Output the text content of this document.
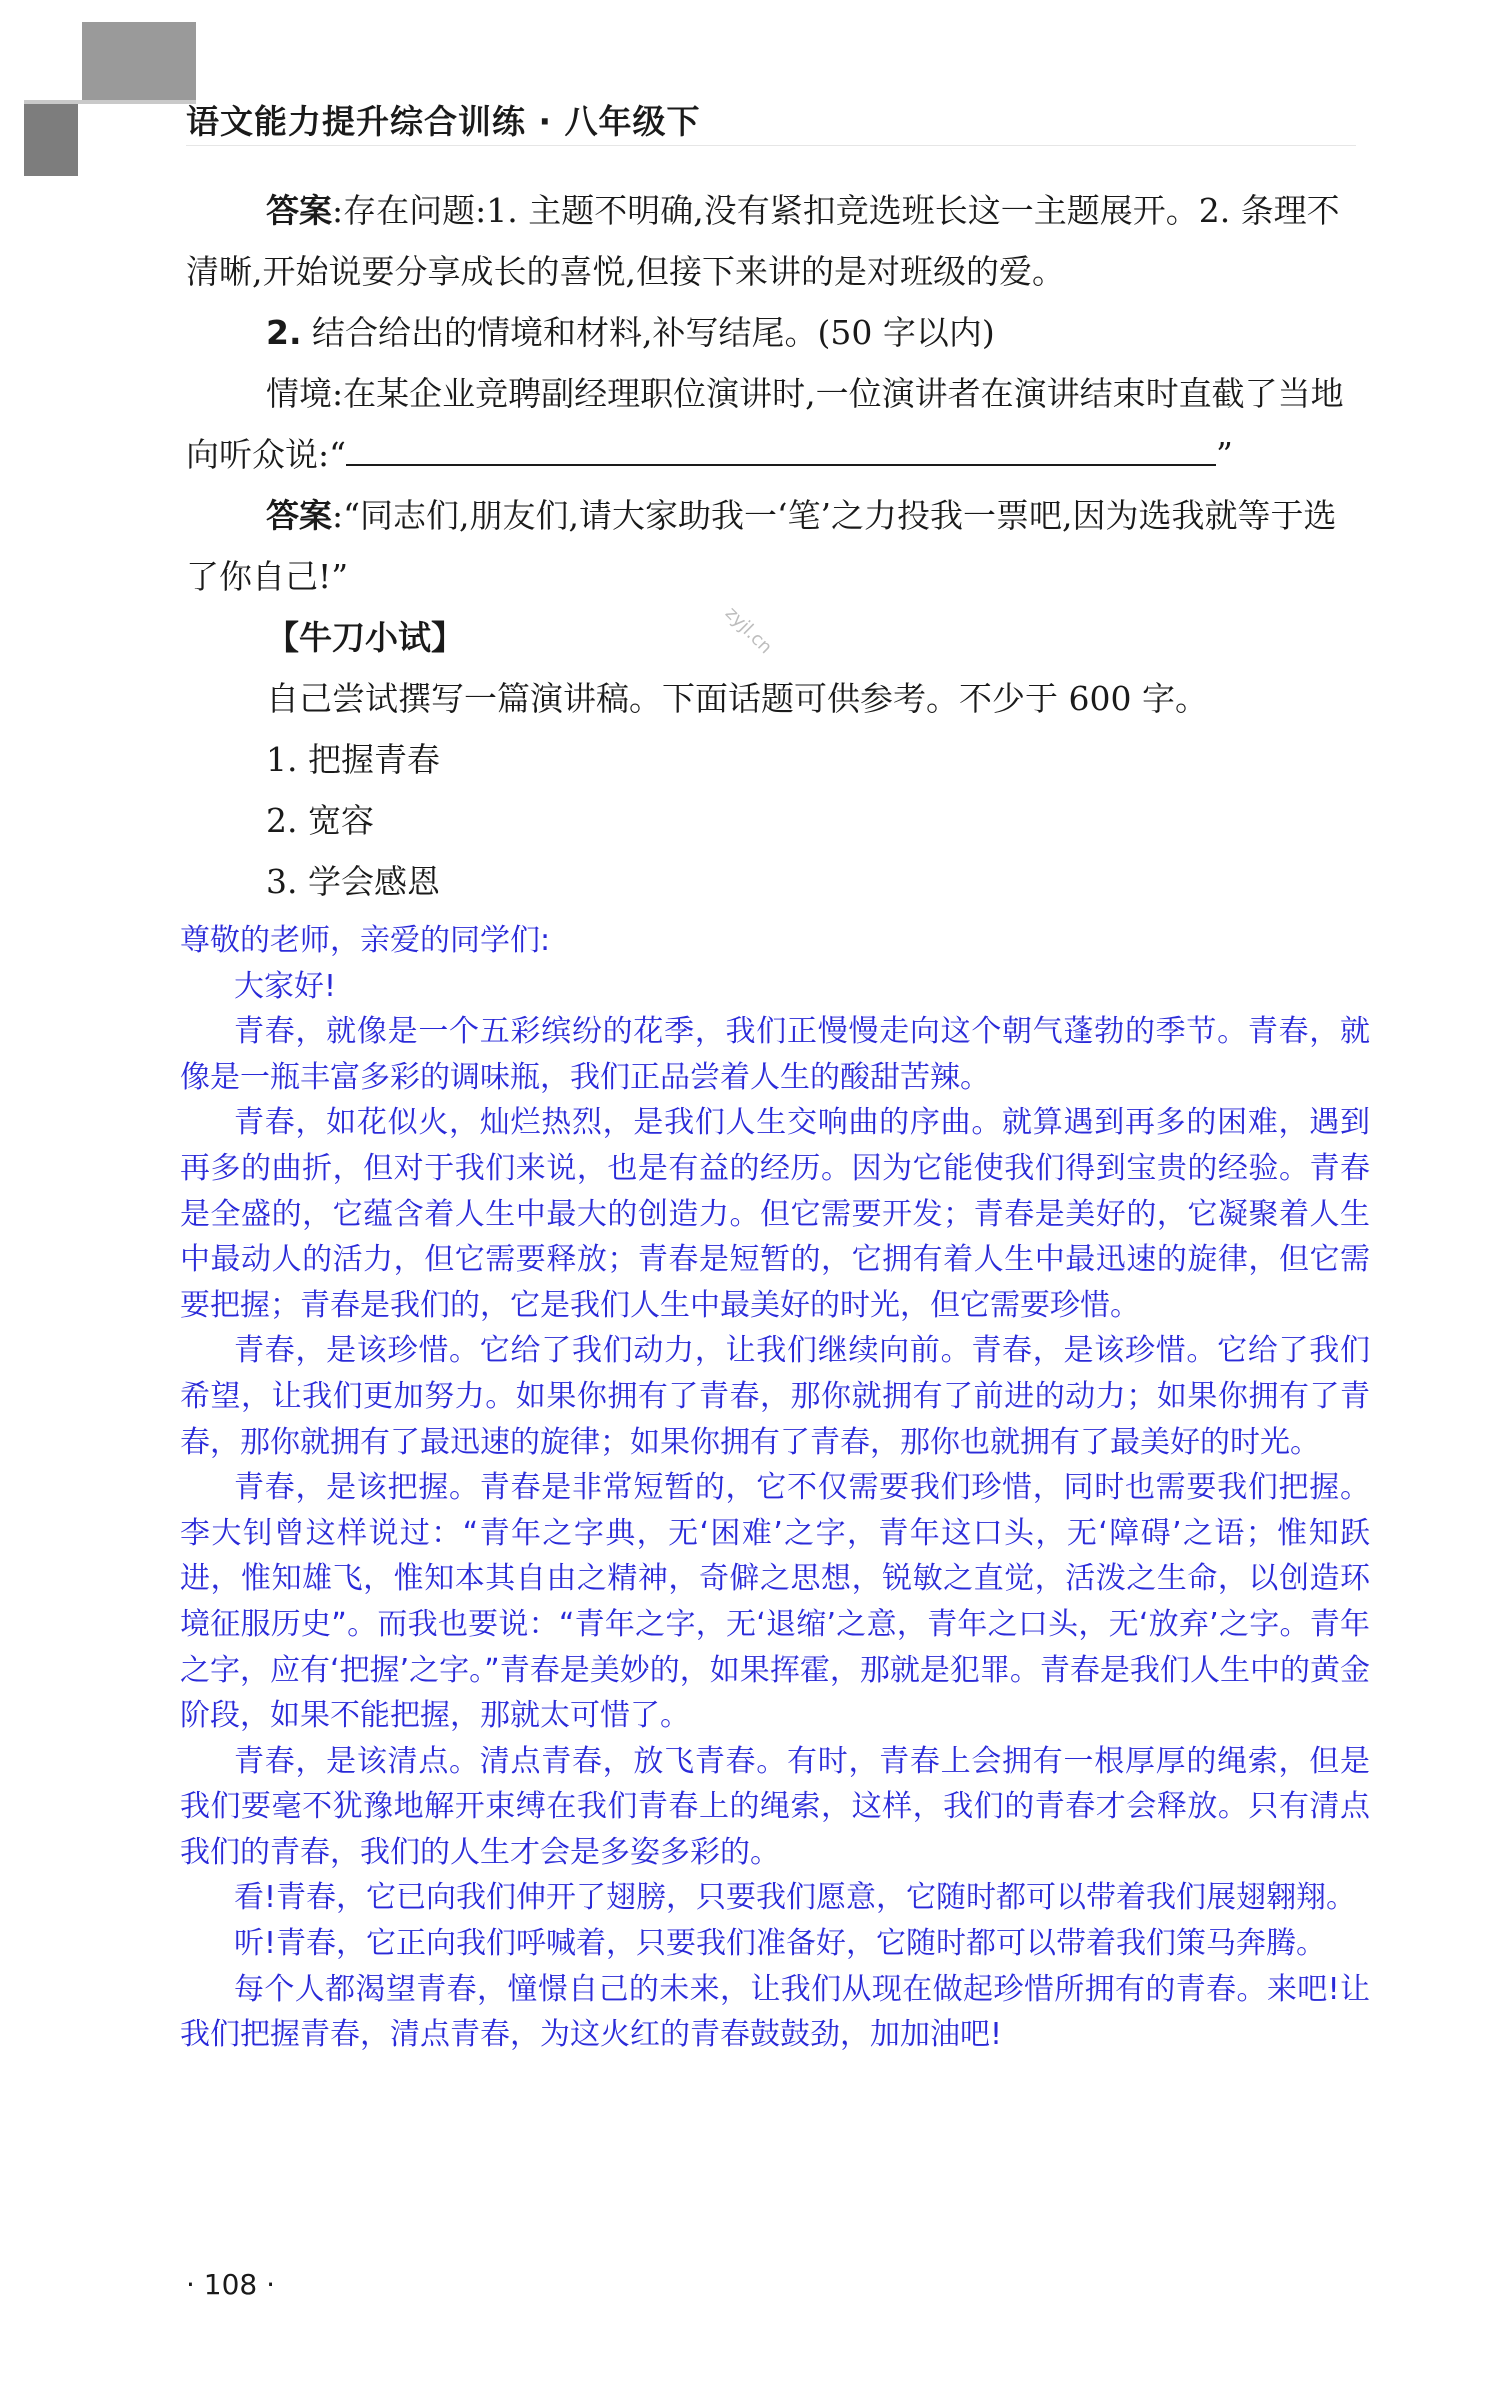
语文能力提升综合训练 · 八年级下

答案:存在问题:1. 主题不明确,没有紧扣竞选班长这一主题展开。2. 条理不清晰,开始说要分享成长的喜悦,但接下来讲的是对班级的爱。

2. 结合给出的情境和材料,补写结尾。(50 字以内)

情境:在某企业竞聘副经理职位演讲时,一位演讲者在演讲结束时直截了当地向听众说:“	”

答案:“同志们,朋友们,请大家助我一‘笔’之力投我一票吧,因为选我就等于选了你自己!”

【牛刀小试】

自己尝试撰写一篇演讲稿。下面话题可供参考。不少于 600 字。

1. 把握青春

2. 宽容

3. 学会感恩

zyjl.cn

尊敬的老师，亲爱的同学们:

大家好!

青春，就像是一个五彩缤纷的花季，我们正慢慢走向这个朝气蓬勃的季节。青春，就像是一瓶丰富多彩的调味瓶，我们正品尝着人生的酸甜苦辣。

青春，如花似火，灿烂热烈，是我们人生交响曲的序曲。就算遇到再多的困难，遇到再多的曲折，但对于我们来说，也是有益的经历。因为它能使我们得到宝贵的经验。青春是全盛的，它蕴含着人生中最大的创造力。但它需要开发；青春是美好的，它凝聚着人生中最动人的活力，但它需要释放；青春是短暂的，它拥有着人生中最迅速的旋律，但它需要把握；青春是我们的，它是我们人生中最美好的时光，但它需要珍惜。

青春，是该珍惜。它给了我们动力，让我们继续向前。青春，是该珍惜。它给了我们希望，让我们更加努力。如果你拥有了青春，那你就拥有了前进的动力；如果你拥有了青春，那你就拥有了最迅速的旋律；如果你拥有了青春，那你也就拥有了最美好的时光。

青春，是该把握。青春是非常短暂的，它不仅需要我们珍惜，同时也需要我们把握。李大钊曾这样说过：“青年之字典，无‘困难’之字，青年这口头，无‘障碍’之语；惟知跃进，惟知雄飞，惟知本其自由之精神，奇僻之思想，锐敏之直觉，活泼之生命，以创造环境征服历史”。而我也要说：“青年之字，无‘退缩’之意，青年之口头，无‘放弃’之字。青年之字，应有‘把握’之字。”青春是美妙的，如果挥霍，那就是犯罪。青春是我们人生中的黄金阶段，如果不能把握，那就太可惜了。

青春，是该清点。清点青春，放飞青春。有时，青春上会拥有一根厚厚的绳索，但是我们要毫不犹豫地解开束缚在我们青春上的绳索，这样，我们的青春才会释放。只有清点我们的青春，我们的人生才会是多姿多彩的。

看!青春，它已向我们伸开了翅膀，只要我们愿意，它随时都可以带着我们展翅翱翔。

听!青春，它正向我们呼喊着，只要我们准备好，它随时都可以带着我们策马奔腾。

每个人都渴望青春，憧憬自己的未来，让我们从现在做起珍惜所拥有的青春。来吧!让我们把握青春，清点青春，为这火红的青春鼓鼓劲，加加油吧!

· 108 ·
